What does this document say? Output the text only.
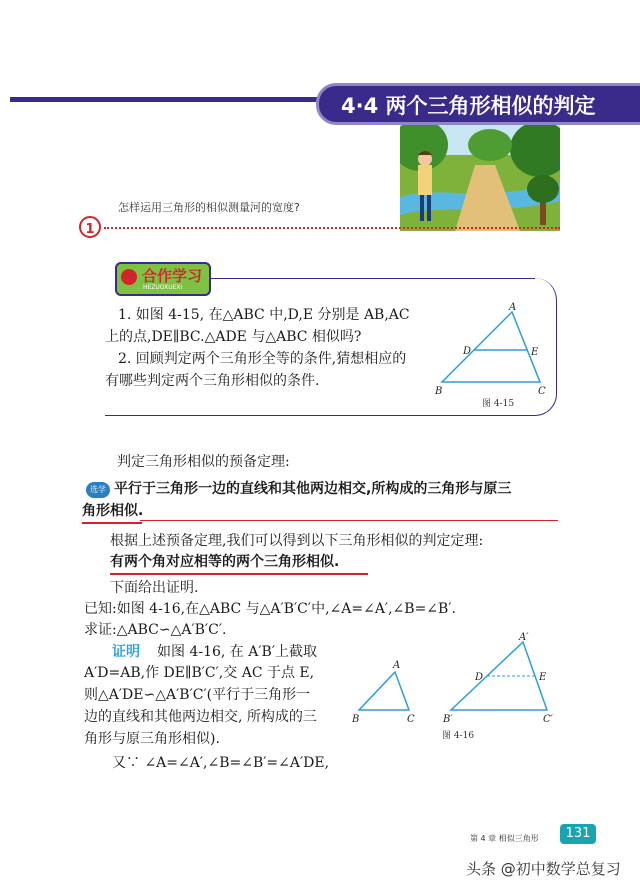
4·4 两个三角形相似的判定
怎样运用三角形的相似测量河的宽度?
1
合作学习
HEZUOXUEXI
1. 如图 4-15, 在△ABC 中,D,E 分别是 AB,AC
上的点,DE∥BC.△ADE 与△ABC 相似吗?
2. 回顾判定两个三角形全等的条件,猜想相应的
有哪些判定两个三角形相似的条件.
A
B	C
D	E
图 4-15
判定三角形相似的预备定理:
选学 平行于三角形一边的直线和其他两边相交,所构成的三角形与原三
角形相似.
根据上述预备定理,我们可以得到以下三角形相似的判定定理:
有两个角对应相等的两个三角形相似.
下面给出证明.
已知:如图 4-16,在△ABC 与△A′B′C′中,∠A=∠A′,∠B=∠B′.
求证:△ABC∽△A′B′C′.
证明 如图 4-16, 在 A′B′上截取
A′D=AB,作 DE∥B′C′,交 AC 于点 E,
则△A′DE∽△A′B′C′(平行于三角形一
边的直线和其他两边相交, 所构成的三
角形与原三角形相似).
又∵ ∠A=∠A′,∠B=∠B′=∠A′DE,
A
B	C
A′
B′	C′
D	E
图 4-16
第 4 章 相似三角形	131
头条 @初中数学总复习
